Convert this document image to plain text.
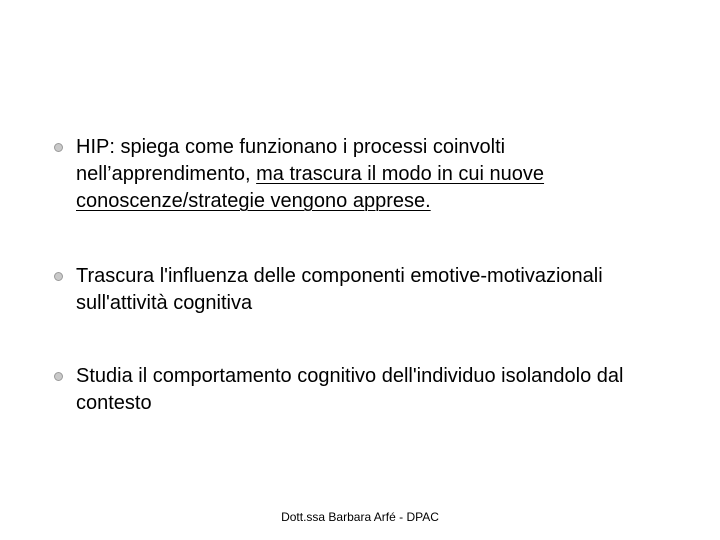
HIP: spiega come funzionano i processi coinvolti nell’apprendimento, ma trascura il modo in cui nuove conoscenze/strategie vengono apprese.
Trascura l'influenza delle componenti emotive-motivazionali sull'attività cognitiva
Studia il comportamento cognitivo dell'individuo isolandolo dal contesto
Dott.ssa Barbara Arfé - DPAC
